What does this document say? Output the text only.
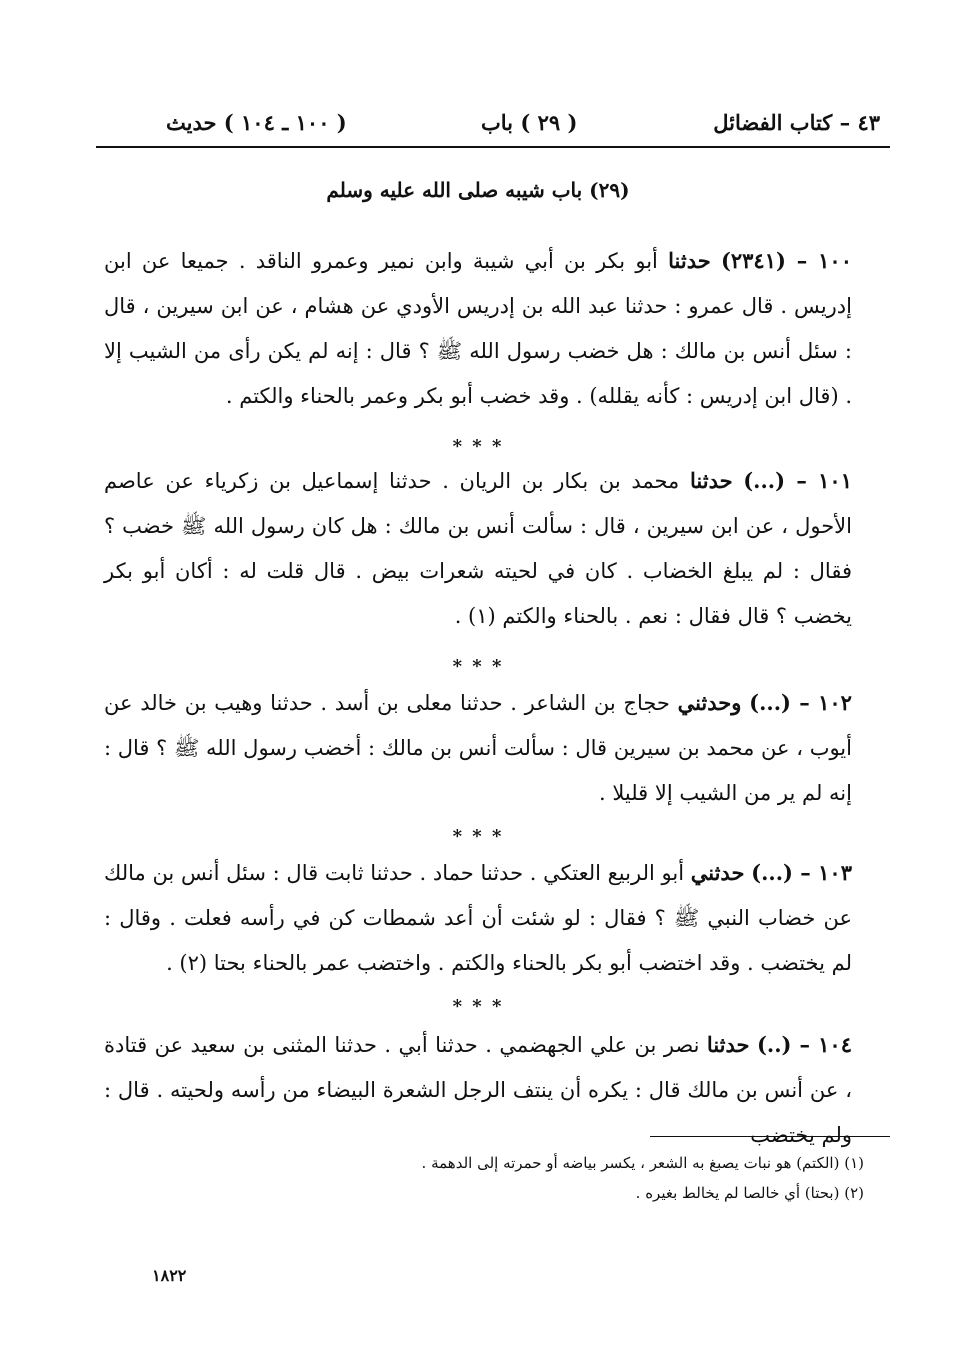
٤٣ – كتاب الفضائل
( ٢٩ ) باب
( ١٠٠ ـ ١٠٤ ) حديث
(٢٩) باب شيبه صلى الله عليه وسلم
١٠٠ – (٢٣٤١) حدثنا أبو بكر بن أبي شيبة وابن نمير وعمرو الناقد . جميعا عن ابن إدريس . قال عمرو : حدثنا عبد الله بن إدريس الأودي عن هشام ، عن ابن سيرين ، قال : سئل أنس بن مالك : هل خضب رسول الله ﷺ ؟ قال : إنه لم يكن رأى من الشيب إلا . (قال ابن إدريس : كأنه يقلله) . وقد خضب أبو بكر وعمر بالحناء والكتم .
* * *
١٠١ – (...) حدثنا محمد بن بكار بن الريان . حدثنا إسماعيل بن زكرياء عن عاصم الأحول ، عن ابن سيرين ، قال : سألت أنس بن مالك : هل كان رسول الله ﷺ خضب ؟ فقال : لم يبلغ الخضاب . كان في لحيته شعرات بيض . قال قلت له : أكان أبو بكر يخضب ؟ قال فقال : نعم . بالحناء والكتم (١) .
* * *
١٠٢ – (...) وحدثني حجاج بن الشاعر . حدثنا معلى بن أسد . حدثنا وهيب بن خالد عن أيوب ، عن محمد بن سيرين قال : سألت أنس بن مالك : أخضب رسول الله ﷺ ؟ قال : إنه لم ير من الشيب إلا قليلا .
* * *
١٠٣ – (...) حدثني أبو الربيع العتكي . حدثنا حماد . حدثنا ثابت قال : سئل أنس بن مالك عن خضاب النبي ﷺ ؟ فقال : لو شئت أن أعد شمطات كن في رأسه فعلت . وقال : لم يختضب . وقد اختضب أبو بكر بالحناء والكتم . واختضب عمر بالحناء بحتا (٢) .
* * *
١٠٤ – (..) حدثنا نصر بن علي الجهضمي . حدثنا أبي . حدثنا المثنى بن سعيد عن قتادة ، عن أنس بن مالك قال : يكره أن ينتف الرجل الشعرة البيضاء من رأسه ولحيته . قال : ولم يختضب
(١) (الكتم) هو نبات يصبغ به الشعر ، يكسر بياضه أو حمرته إلى الدهمة .
(٢) (بحتا) أي خالصا لم يخالط بغيره .
١٨٢٢
